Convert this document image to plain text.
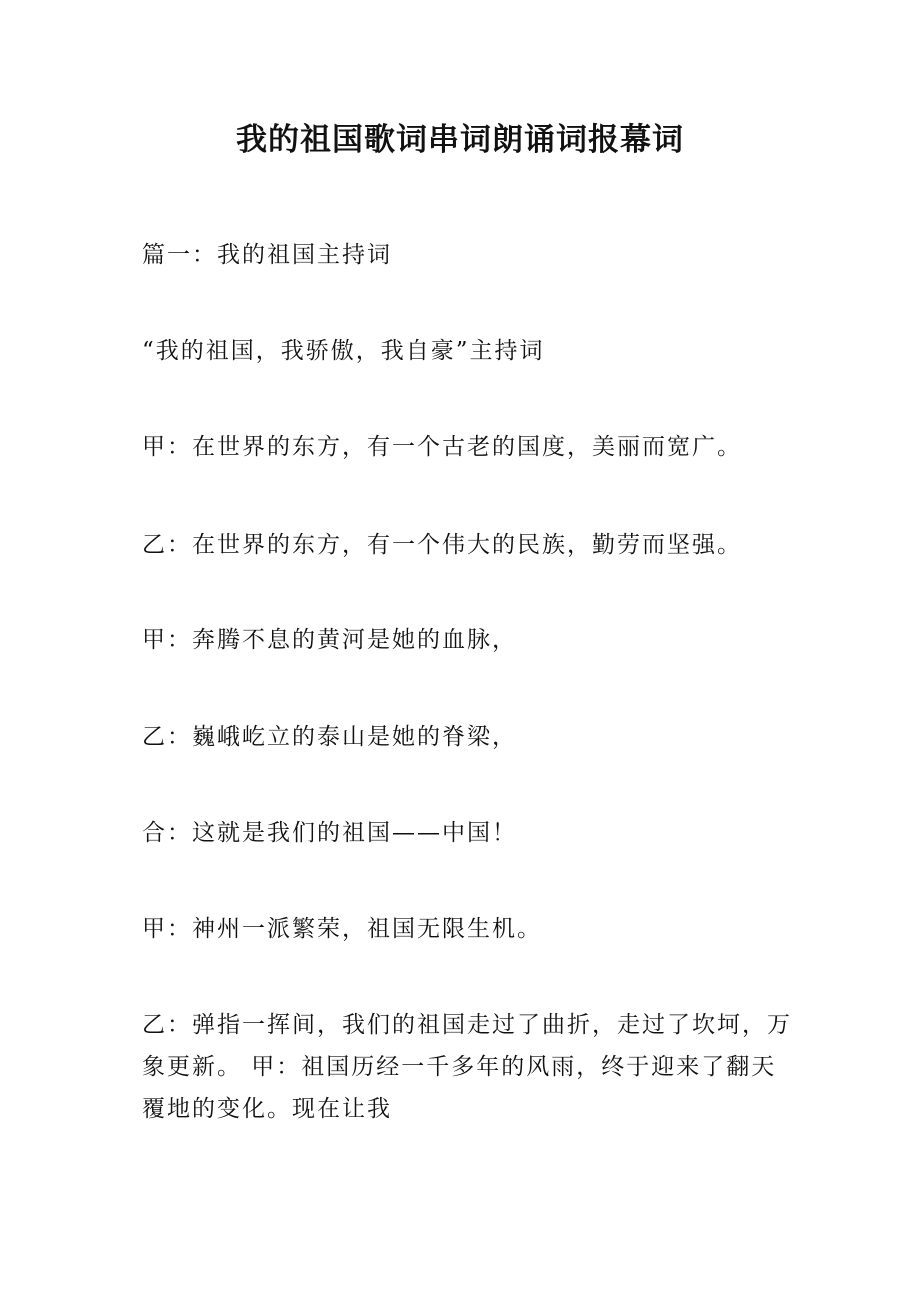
我的祖国歌词串词朗诵词报幕词

篇一：我的祖国主持词

“我的祖国，我骄傲，我自豪”主持词

甲：在世界的东方，有一个古老的国度，美丽而宽广。

乙：在世界的东方，有一个伟大的民族，勤劳而坚强。

甲：奔腾不息的黄河是她的血脉，

乙：巍峨屹立的泰山是她的脊梁，

合：这就是我们的祖国——中国！

甲：神州一派繁荣，祖国无限生机。

乙：弹指一挥间，我们的祖国走过了曲折，走过了坎坷，万象更新。 甲：祖国历经一千多年的风雨，终于迎来了翻天覆地的变化。现在让我
